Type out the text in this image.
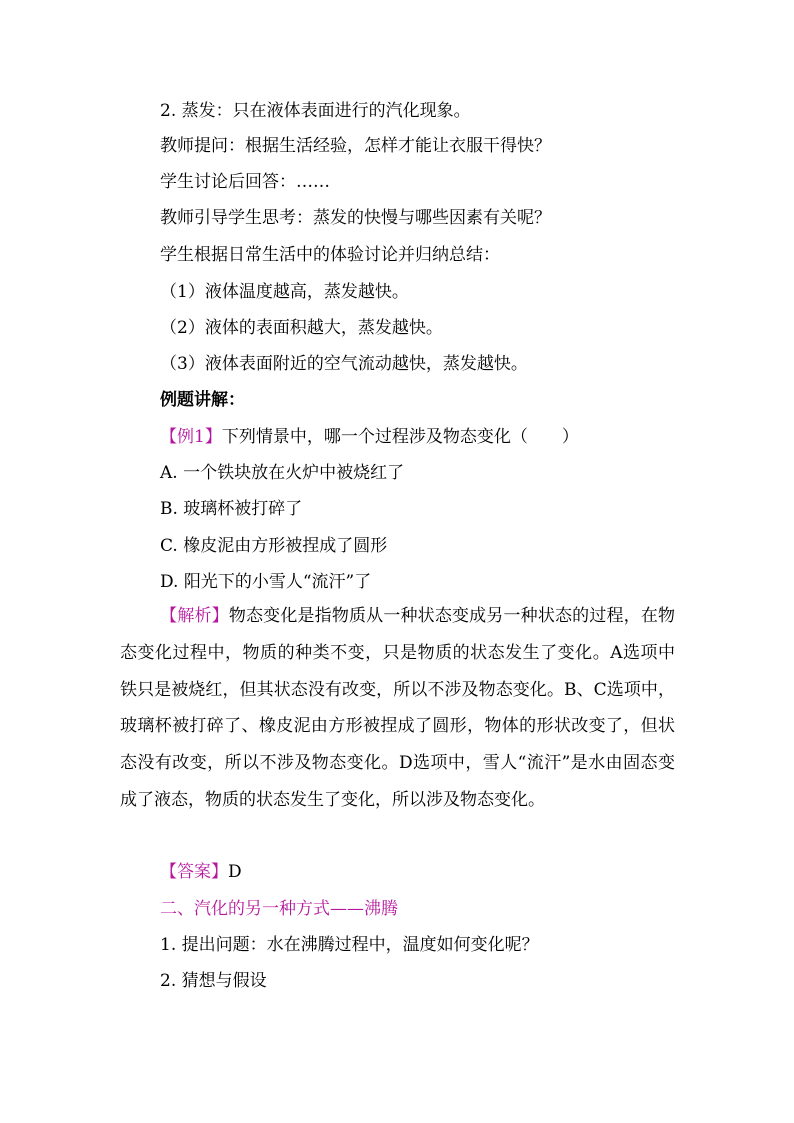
2. 蒸发：只在液体表面进行的汽化现象。
教师提问：根据生活经验，怎样才能让衣服干得快？
学生讨论后回答：……
教师引导学生思考：蒸发的快慢与哪些因素有关呢？
学生根据日常生活中的体验讨论并归纳总结：
（1）液体温度越高，蒸发越快。
（2）液体的表面积越大，蒸发越快。
（3）液体表面附近的空气流动越快，蒸发越快。
例题讲解：
【例1】下列情景中，哪一个过程涉及物态变化（　　）
A. 一个铁块放在火炉中被烧红了
B. 玻璃杯被打碎了
C. 橡皮泥由方形被捏成了圆形
D. 阳光下的小雪人“流汗”了
【解析】物态变化是指物质从一种状态变成另一种状态的过程，在物态变化过程中，物质的种类不变，只是物质的状态发生了变化。A选项中铁只是被烧红，但其状态没有改变，所以不涉及物态变化。B、C选项中，玻璃杯被打碎了、橡皮泥由方形被捏成了圆形，物体的形状改变了，但状态没有改变，所以不涉及物态变化。D选项中，雪人“流汗”是水由固态变成了液态，物质的状态发生了变化，所以涉及物态变化。
【答案】D
二、汽化的另一种方式——沸腾
1. 提出问题：水在沸腾过程中，温度如何变化呢？
2. 猜想与假设
